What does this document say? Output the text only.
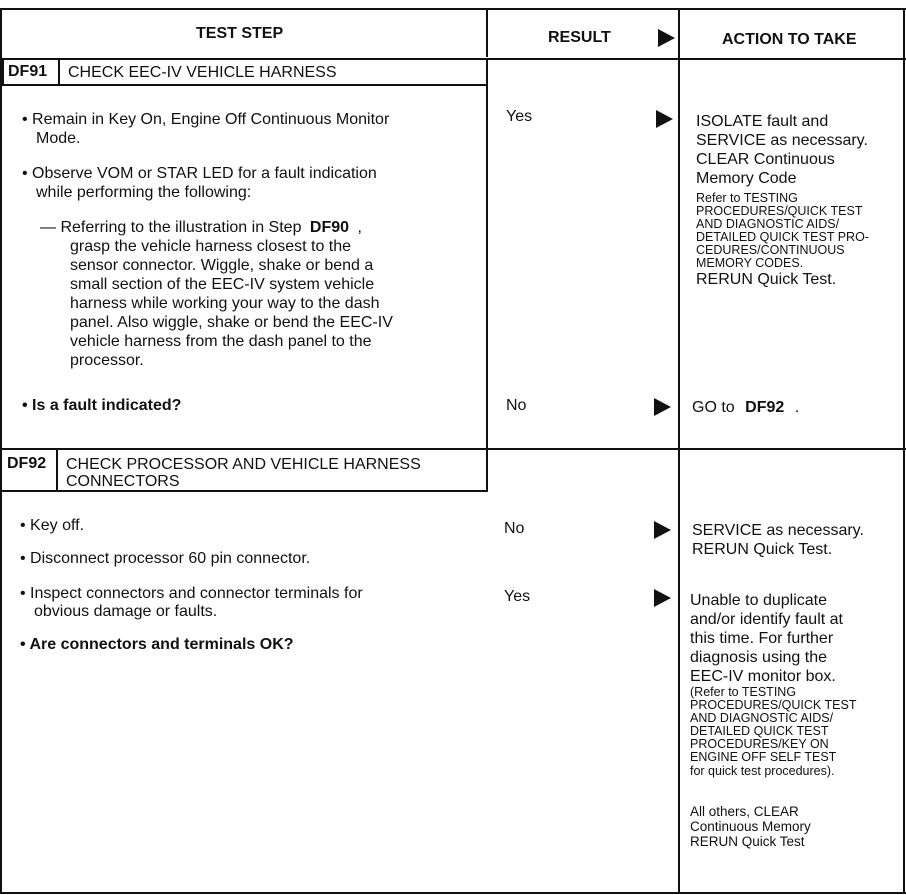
TEST STEP	RESULT	ACTION TO TAKE
DF91 CHECK EEC-IV VEHICLE HARNESS
• Remain in Key On, Engine Off Continuous Monitor
Mode.
• Observe VOM or STAR LED for a fault indication
while performing the following:
— Referring to the illustration in Step DF90 ,
grasp the vehicle harness closest to the
sensor connector. Wiggle, shake or bend a
small section of the EEC-IV system vehicle
harness while working your way to the dash
panel. Also wiggle, shake or bend the EEC-IV
vehicle harness from the dash panel to the
processor.
• Is a fault indicated?
Yes
No
ISOLATE fault and
SERVICE as necessary.
CLEAR Continuous
Memory Code
Refer to TESTING
PROCEDURES/QUICK TEST
AND DIAGNOSTIC AIDS/
DETAILED QUICK TEST PRO-
CEDURES/CONTINUOUS
MEMORY CODES.
RERUN Quick Test.
GO to DF92 .
DF92 CHECK PROCESSOR AND VEHICLE HARNESS
CONNECTORS
• Key off.
• Disconnect processor 60 pin connector.
• Inspect connectors and connector terminals for
obvious damage or faults.
• Are connectors and terminals OK?
No
Yes
SERVICE as necessary.
RERUN Quick Test.
Unable to duplicate
and/or identify fault at
this time. For further
diagnosis using the
EEC-IV monitor box.
(Refer to TESTING
PROCEDURES/QUICK TEST
AND DIAGNOSTIC AIDS/
DETAILED QUICK TEST
PROCEDURES/KEY ON
ENGINE OFF SELF TEST
for quick test procedures).
All others, CLEAR
Continuous Memory
RERUN Quick Test
